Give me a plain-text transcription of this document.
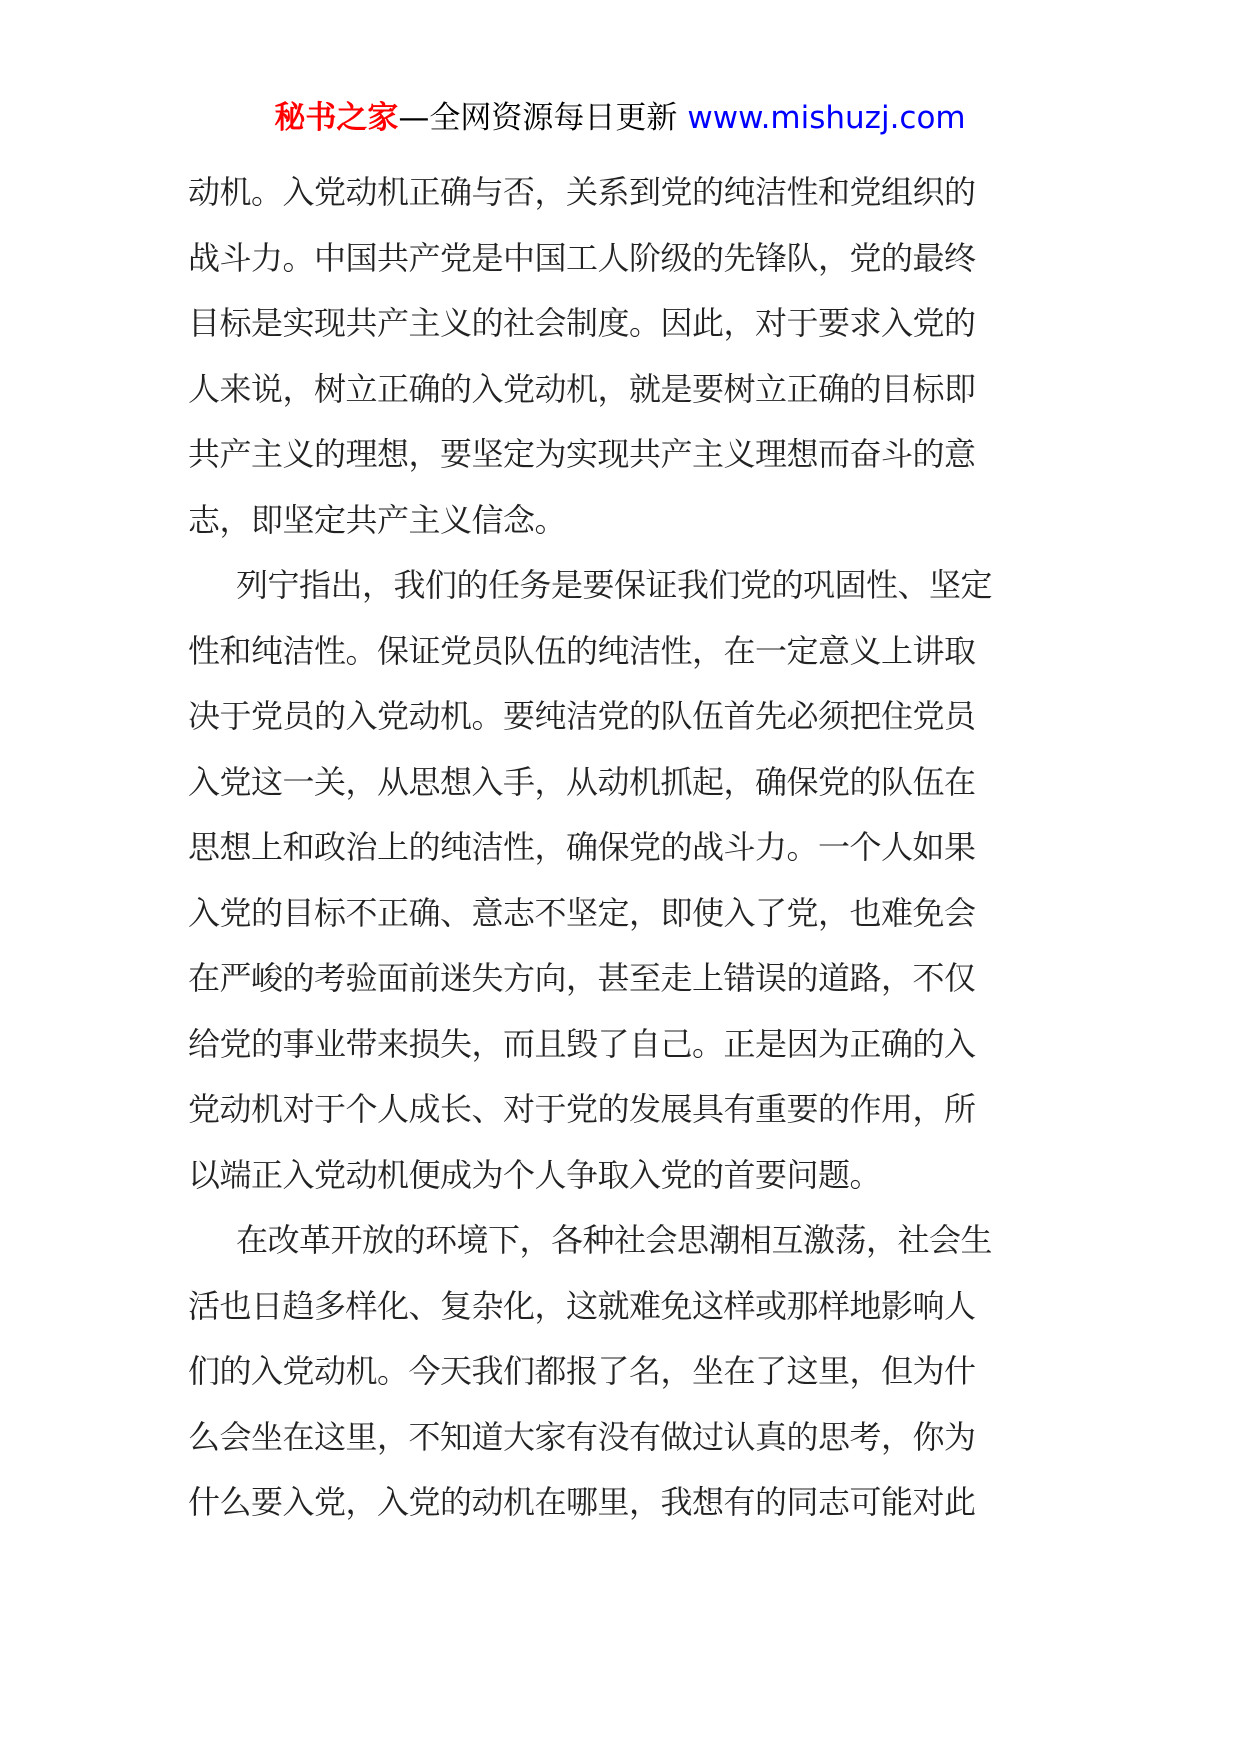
秘书之家—全网资源每日更新 www.mishuzj.com
动机。入党动机正确与否，关系到党的纯洁性和党组织的
战斗力。中国共产党是中国工人阶级的先锋队，党的最终
目标是实现共产主义的社会制度。因此，对于要求入党的
人来说，树立正确的入党动机，就是要树立正确的目标即
共产主义的理想，要坚定为实现共产主义理想而奋斗的意
志，即坚定共产主义信念。
列宁指出，我们的任务是要保证我们党的巩固性、坚定
性和纯洁性。保证党员队伍的纯洁性，在一定意义上讲取
决于党员的入党动机。要纯洁党的队伍首先必须把住党员
入党这一关，从思想入手，从动机抓起，确保党的队伍在
思想上和政治上的纯洁性，确保党的战斗力。一个人如果
入党的目标不正确、意志不坚定，即使入了党，也难免会
在严峻的考验面前迷失方向，甚至走上错误的道路，不仅
给党的事业带来损失，而且毁了自己。正是因为正确的入
党动机对于个人成长、对于党的发展具有重要的作用，所
以端正入党动机便成为个人争取入党的首要问题。
在改革开放的环境下，各种社会思潮相互激荡，社会生
活也日趋多样化、复杂化，这就难免这样或那样地影响人
们的入党动机。今天我们都报了名，坐在了这里，但为什
么会坐在这里，不知道大家有没有做过认真的思考，你为
什么要入党，入党的动机在哪里，我想有的同志可能对此
